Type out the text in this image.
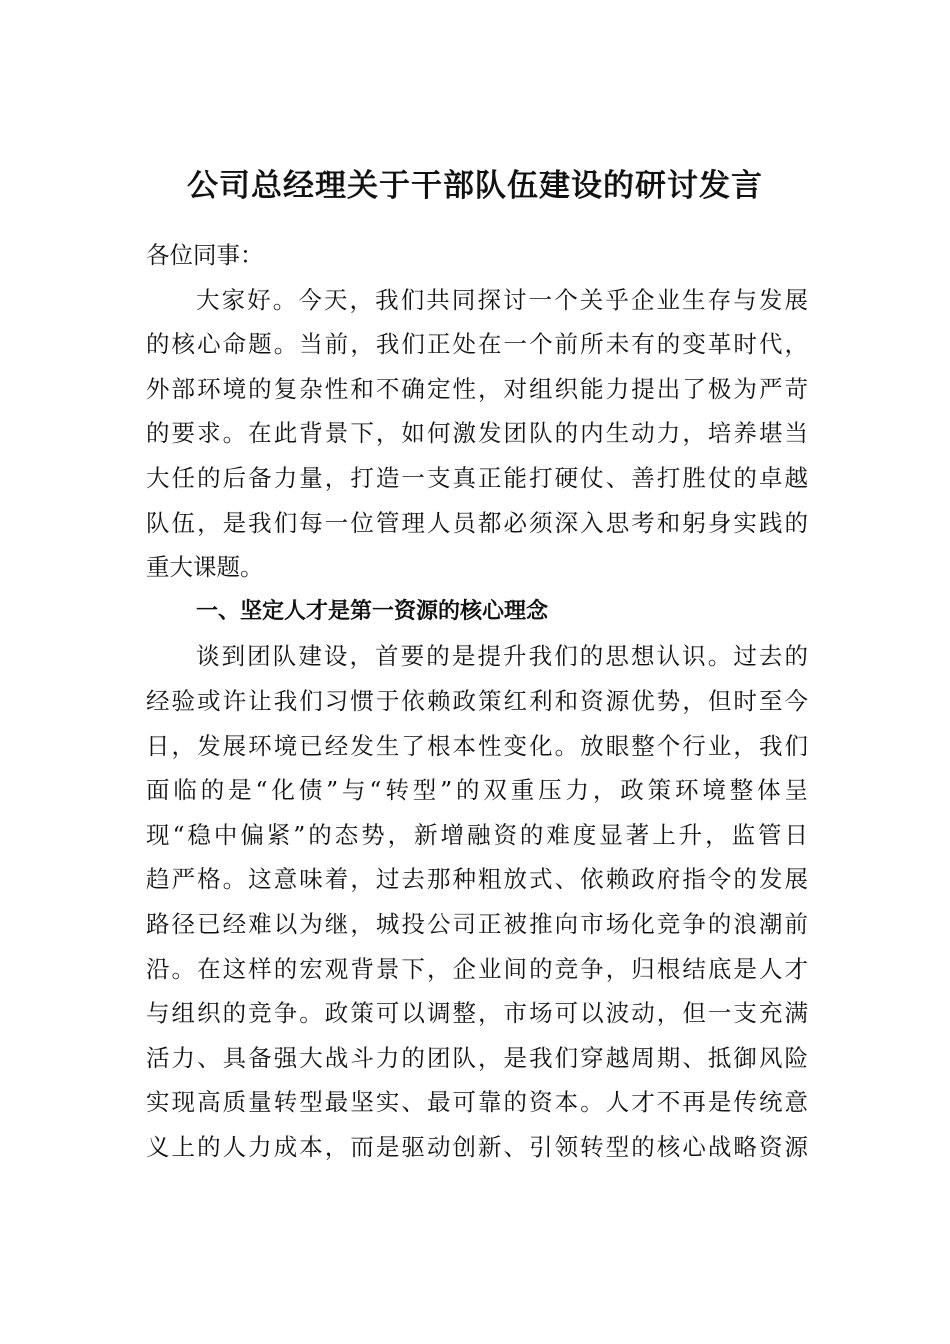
公司总经理关于干部队伍建设的研讨发言
各位同事：
大家好。今天，我们共同探讨一个关乎企业生存与发展
的核心命题。当前，我们正处在一个前所未有的变革时代，
外部环境的复杂性和不确定性，对组织能力提出了极为严苛
的要求。在此背景下，如何激发团队的内生动力，培养堪当
大任的后备力量，打造一支真正能打硬仗、善打胜仗的卓越
队伍，是我们每一位管理人员都必须深入思考和躬身实践的
重大课题。
一、坚定人才是第一资源的核心理念
谈到团队建设，首要的是提升我们的思想认识。过去的
经验或许让我们习惯于依赖政策红利和资源优势，但时至今
日，发展环境已经发生了根本性变化。放眼整个行业，我们
面临的是“化债”与“转型”的双重压力，政策环境整体呈
现“稳中偏紧”的态势，新增融资的难度显著上升，监管日
趋严格。这意味着，过去那种粗放式、依赖政府指令的发展
路径已经难以为继，城投公司正被推向市场化竞争的浪潮前
沿。在这样的宏观背景下，企业间的竞争，归根结底是人才
与组织的竞争。政策可以调整，市场可以波动，但一支充满
活力、具备强大战斗力的团队，是我们穿越周期、抵御风险
实现高质量转型最坚实、最可靠的资本。人才不再是传统意
义上的人力成本，而是驱动创新、引领转型的核心战略资源
